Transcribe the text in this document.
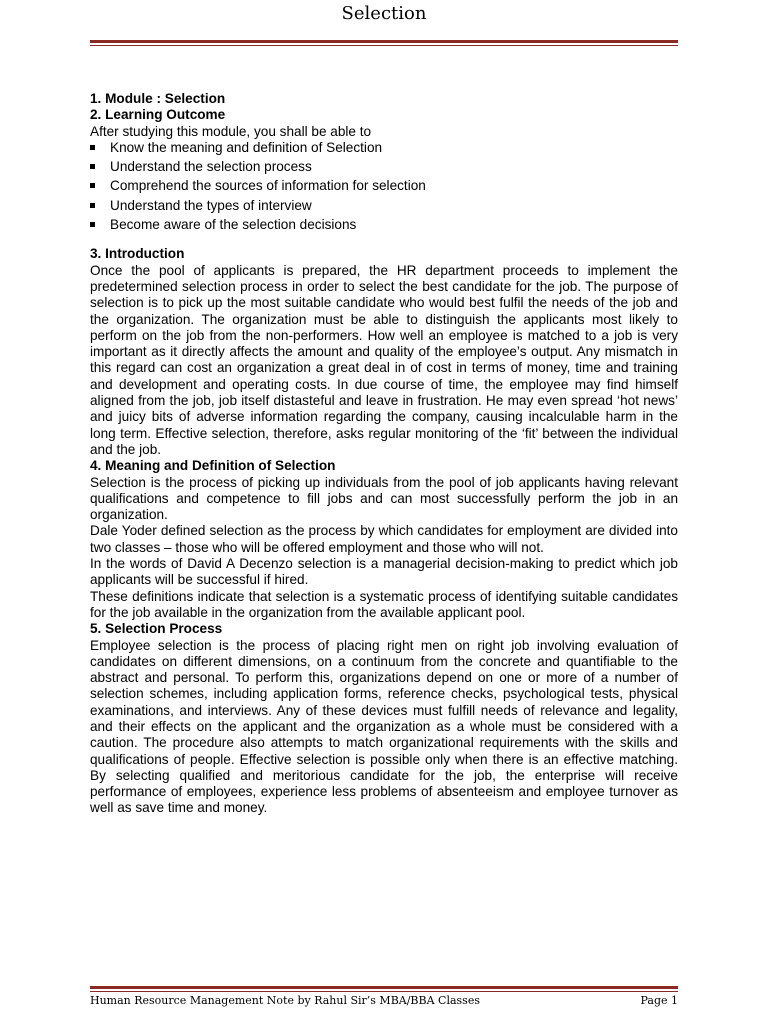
Selection

1. Module : Selection

2. Learning Outcome

After studying this module, you shall be able to

Know the meaning and definition of Selection
Understand the selection process
Comprehend the sources of information for selection
Understand the types of interview
Become aware of the selection decisions

3. Introduction

Once the pool of applicants is prepared, the HR department proceeds to implement the predetermined selection process in order to select the best candidate for the job. The purpose of selection is to pick up the most suitable candidate who would best fulfil the needs of the job and the organization. The organization must be able to distinguish the applicants most likely to perform on the job from the non-performers. How well an employee is matched to a job is very important as it directly affects the amount and quality of the employee’s output. Any mismatch in this regard can cost an organization a great deal in of cost in terms of money, time and training and development and operating costs. In due course of time, the employee may find himself aligned from the job, job itself distasteful and leave in frustration. He may even spread ‘hot news’ and juicy bits of adverse information regarding the company, causing incalculable harm in the long term. Effective selection, therefore, asks regular monitoring of the ‘fit’ between the individual and the job.

4. Meaning and Definition of Selection

Selection is the process of picking up individuals from the pool of job applicants having relevant qualifications and competence to fill jobs and can most successfully perform the job in an organization.

Dale Yoder defined selection as the process by which candidates for employment are divided into two classes – those who will be offered employment and those who will not.

In the words of David A Decenzo selection is a managerial decision-making to predict which job applicants will be successful if hired.

These definitions indicate that selection is a systematic process of identifying suitable candidates for the job available in the organization from the available applicant pool.

5. Selection Process

Employee selection is the process of placing right men on right job involving evaluation of candidates on different dimensions, on a continuum from the concrete and quantifiable to the abstract and personal. To perform this, organizations depend on one or more of a number of selection schemes, including application forms, reference checks, psychological tests, physical examinations, and interviews. Any of these devices must fulfill needs of relevance and legality, and their effects on the applicant and the organization as a whole must be considered with a caution. The procedure also attempts to match organizational requirements with the skills and qualifications of people. Effective selection is possible only when there is an effective matching. By selecting qualified and meritorious candidate for the job, the enterprise will receive performance of employees, experience less problems of absenteeism and employee turnover as well as save time and money.

Human Resource Management Note by Rahul Sir’s MBA/BBA Classes	Page 1
